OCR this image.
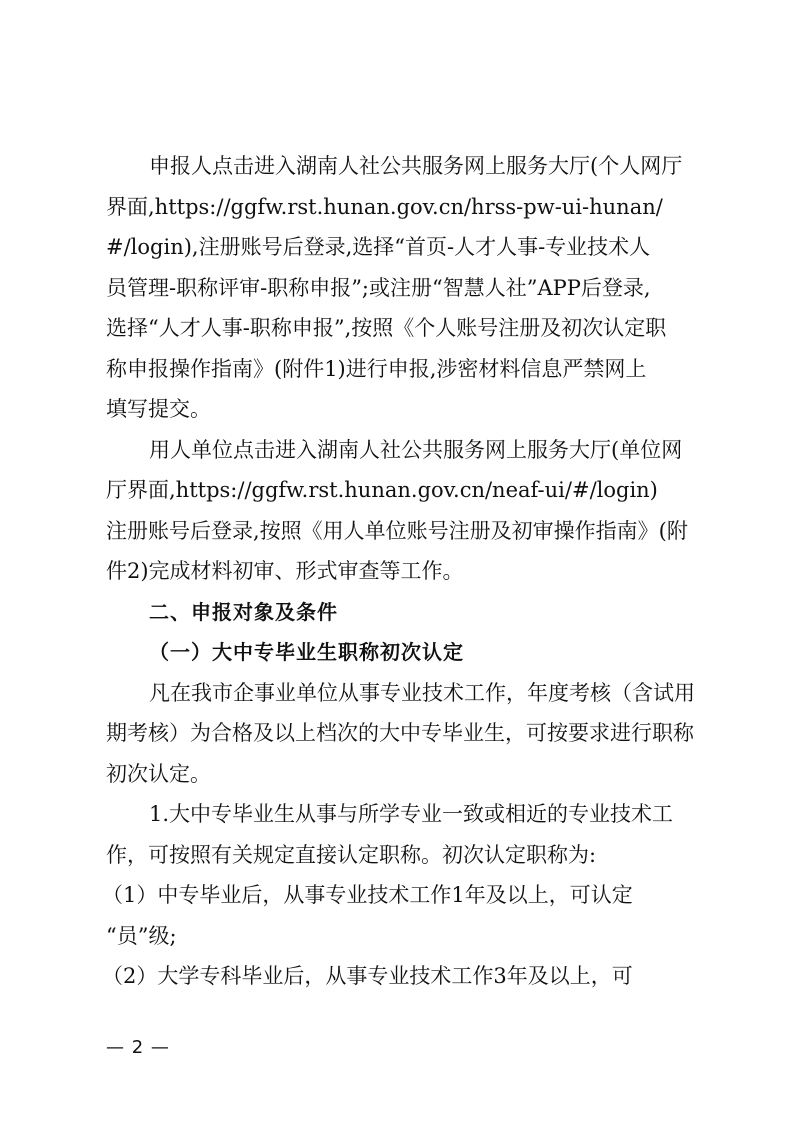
申报人点击进入湖南人社公共服务网上服务大厅(个人网厅
界面,https://ggfw.rst.hunan.gov.cn/hrss-pw-ui-hunan/
#/login),注册账号后登录,选择“首页-人才人事-专业技术人
员管理-职称评审-职称申报”;或注册“智慧人社”APP后登录,
选择“人才人事-职称申报”,按照《个人账号注册及初次认定职
称申报操作指南》(附件1)进行申报,涉密材料信息严禁网上
填写提交。

用人单位点击进入湖南人社公共服务网上服务大厅(单位网
厅界面,https://ggfw.rst.hunan.gov.cn/neaf-ui/#/login)
注册账号后登录,按照《用人单位账号注册及初审操作指南》(附
件2)完成材料初审、形式审查等工作。

二、申报对象及条件
（一）大中专毕业生职称初次认定

凡在我市企事业单位从事专业技术工作，年度考核（含试用
期考核）为合格及以上档次的大中专毕业生，可按要求进行职称
初次认定。

1.大中专毕业生从事与所学专业一致或相近的专业技术工
作，可按照有关规定直接认定职称。初次认定职称为:

（1）中专毕业后，从事专业技术工作1年及以上，可认定
“员”级;

（2）大学专科毕业后，从事专业技术工作3年及以上，可

— 2 —
